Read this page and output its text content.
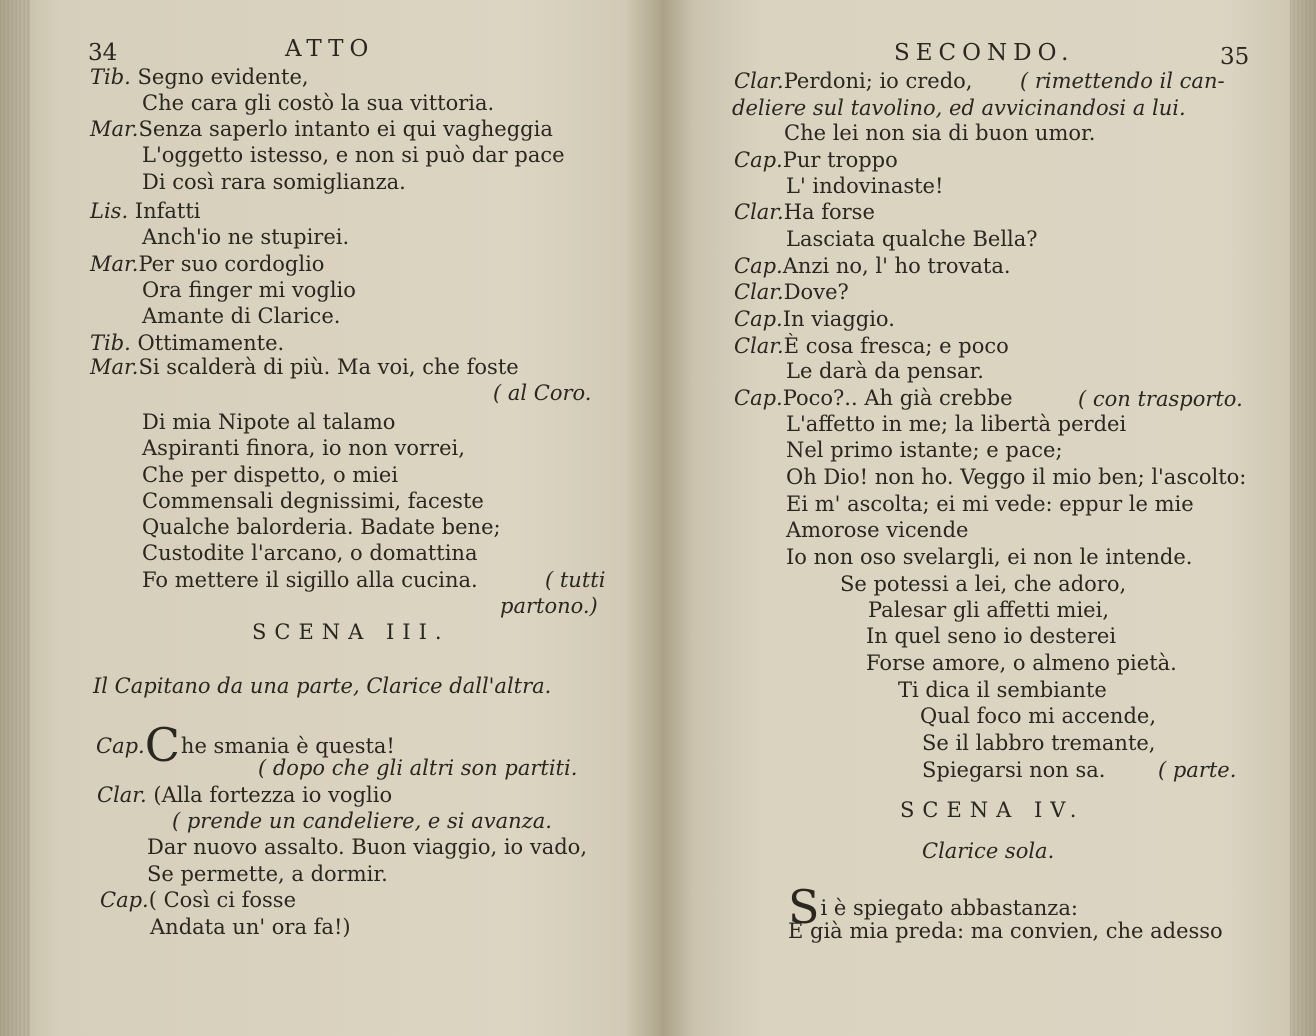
34	ATTO
Tib. Segno evidente,
Che cara gli costò la sua vittoria.
Mar.Senza saperlo intanto ei qui vagheggia
L'oggetto istesso, e non si può dar pace
Di così rara somiglianza.
Lis. Infatti
Anch'io ne stupirei.
Mar.Per suo cordoglio
Ora finger mi voglio
Amante di Clarice.
Tib. Ottimamente.
Mar.Si scalderà di più. Ma voi, che foste
( al Coro.
Di mia Nipote al talamo
Aspiranti finora, io non vorrei,
Che per dispetto, o miei
Commensali degnissimi, faceste
Qualche balorderia. Badate bene;
Custodite l'arcano, o domattina
Fo mettere il sigillo alla cucina.	( tutti
partono.)
SCENA III.
Il Capitano da una parte, Clarice dall'altra.
Cap.Che smania è questa!
( dopo che gli altri son partiti.
Clar. (Alla fortezza io voglio
( prende un candeliere, e si avanza.
Dar nuovo assalto. Buon viaggio, io vado,
Se permette, a dormir.
Cap.( Così ci fosse
Andata un' ora fa!)
SECONDO.	35
Clar.Perdoni; io credo, ( rimettendo il can-
deliere sul tavolino, ed avvicinandosi a lui.
Che lei non sia di buon umor.
Cap.Pur troppo
L' indovinaste!
Clar.Ha forse
Lasciata qualche Bella?
Cap.Anzi no, l' ho trovata.
Clar.Dove?
Cap.In viaggio.
Clar.È cosa fresca; e poco
Le darà da pensar.
Cap.Poco?.. Ah già crebbe	( con trasporto.
L'affetto in me; la libertà perdei
Nel primo istante; e pace;
Oh Dio! non ho. Veggo il mio ben; l'ascolto:
Ei m' ascolta; ei mi vede: eppur le mie
Amorose vicende
Io non oso svelargli, ei non le intende.
Se potessi a lei, che adoro,
Palesar gli affetti miei,
In quel seno io desterei
Forse amore, o almeno pietà.
Ti dica il sembiante
Qual foco mi accende,
Se il labbro tremante,
Spiegarsi non sa.	( parte.
SCENA IV.
Clarice sola.
Si è spiegato abbastanza:
E già mia preda: ma convien, che adesso
